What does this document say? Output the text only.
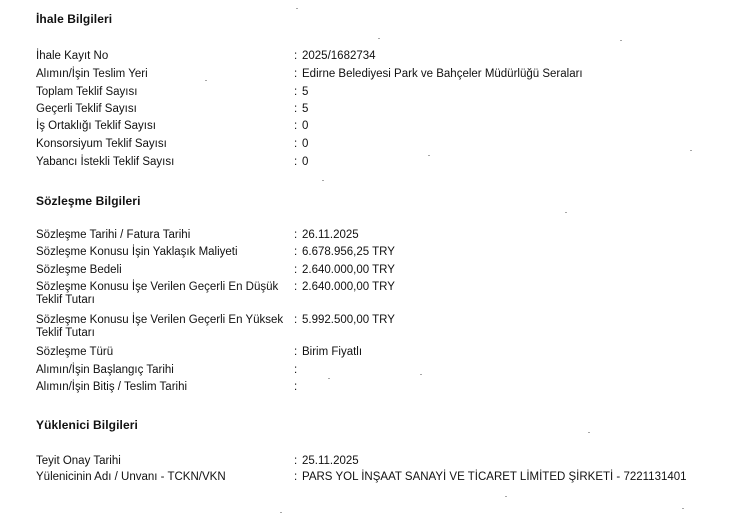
İhale Bilgileri
İhale Kayıt No	: 2025/1682734
Alımın/İşin Teslim Yeri	: Edirne Belediyesi Park ve Bahçeler Müdürlüğü Seraları
Toplam Teklif Sayısı	: 5
Geçerli Teklif Sayısı	: 5
İş Ortaklığı Teklif Sayısı	: 0
Konsorsiyum Teklif Sayısı	: 0
Yabancı İstekli Teklif Sayısı	: 0
Sözleşme Bilgileri
Sözleşme Tarihi / Fatura Tarihi	: 26.11.2025
Sözleşme Konusu İşin Yaklaşık Maliyeti	: 6.678.956,25 TRY
Sözleşme Bedeli	: 2.640.000,00 TRY
Sözleşme Konusu İşe Verilen Geçerli En Düşük Teklif Tutarı
: 2.640.000,00 TRY
Sözleşme Konusu İşe Verilen Geçerli En Yüksek Teklif Tutarı
: 5.992.500,00 TRY
Sözleşme Türü	: Birim Fiyatlı
Alımın/İşin Başlangıç Tarihi	:
Alımın/İşin Bitiş / Teslim Tarihi	:
Yüklenici Bilgileri
Teyit Onay Tarihi	: 25.11.2025
Yülenicinin Adı / Unvanı - TCKN/VKN	: PARS YOL İNŞAAT SANAYİ VE TİCARET LİMİTED ŞİRKETİ - 7221131401
